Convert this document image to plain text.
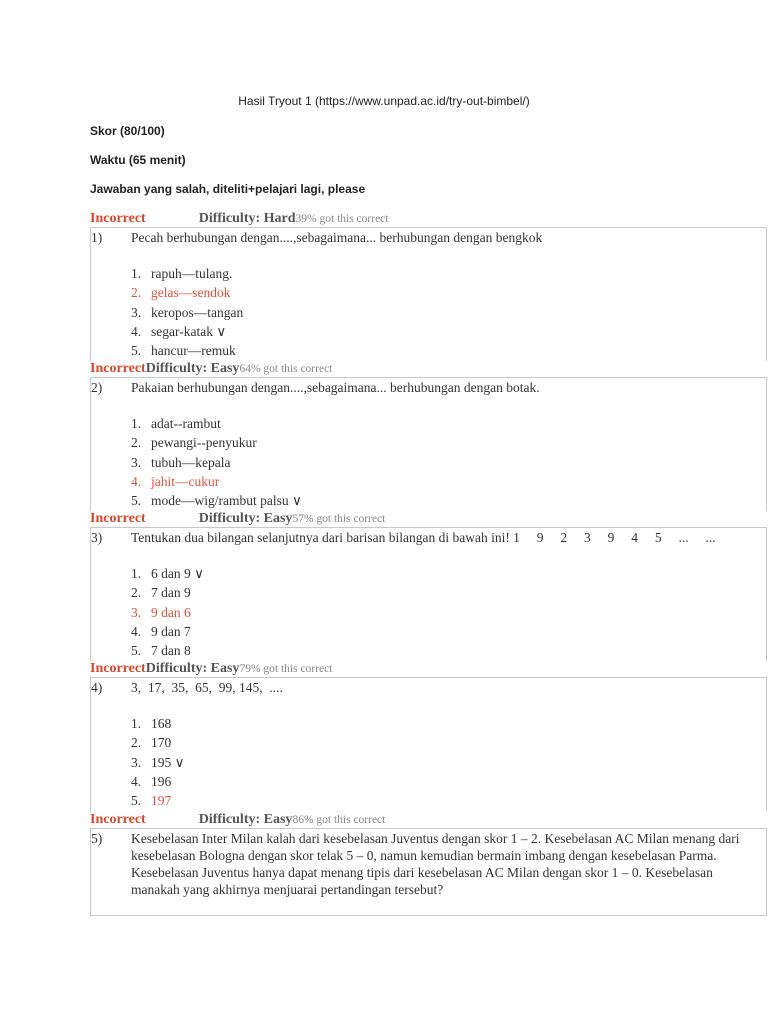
Hasil Tryout 1 (https://www.unpad.ac.id/try-out-bimbel/)
Skor (80/100)
Waktu (65 menit)
Jawaban yang salah, diteliti+pelajari lagi, please
Incorrect	Difficulty: Hard39% got this correct
1) Pecah berhubungan dengan....,sebagaimana... berhubungan dengan bengkok
1. rapuh—tulang.
2. gelas—sendok
3. keropos—tangan
4. segar-katak ∨
5. hancur—remuk
IncorrectDifficulty: Easy64% got this correct
2) Pakaian berhubungan dengan....,sebagaimana... berhubungan dengan botak.
1. adat--rambut
2. pewangi--penyukur
3. tubuh—kepala
4. jahit—cukur
5. mode—wig/rambut palsu ∨
Incorrect	Difficulty: Easy57% got this correct
3) Tentukan dua bilangan selanjutnya dari barisan bilangan di bawah ini! 1     9     2     3     9     4     5     ...     ...
1. 6 dan 9 ∨
2. 7 dan 9
3. 9 dan 6
4. 9 dan 7
5. 7 dan 8
IncorrectDifficulty: Easy79% got this correct
4) 3,  17,  35,  65,  99, 145,  ....
1. 168
2. 170
3. 195 ∨
4. 196
5. 197
Incorrect	Difficulty: Easy86% got this correct
5) Kesebelasan Inter Milan kalah dari kesebelasan Juventus dengan skor 1 – 2. Kesebelasan AC Milan menang dari kesebelasan Bologna dengan skor telak 5 – 0, namun kemudian bermain imbang dengan kesebelasan Parma. Kesebelasan Juventus hanya dapat menang tipis dari kesebelasan AC Milan dengan skor 1 – 0. Kesebelasan manakah yang akhirnya menjuarai pertandingan tersebut?
